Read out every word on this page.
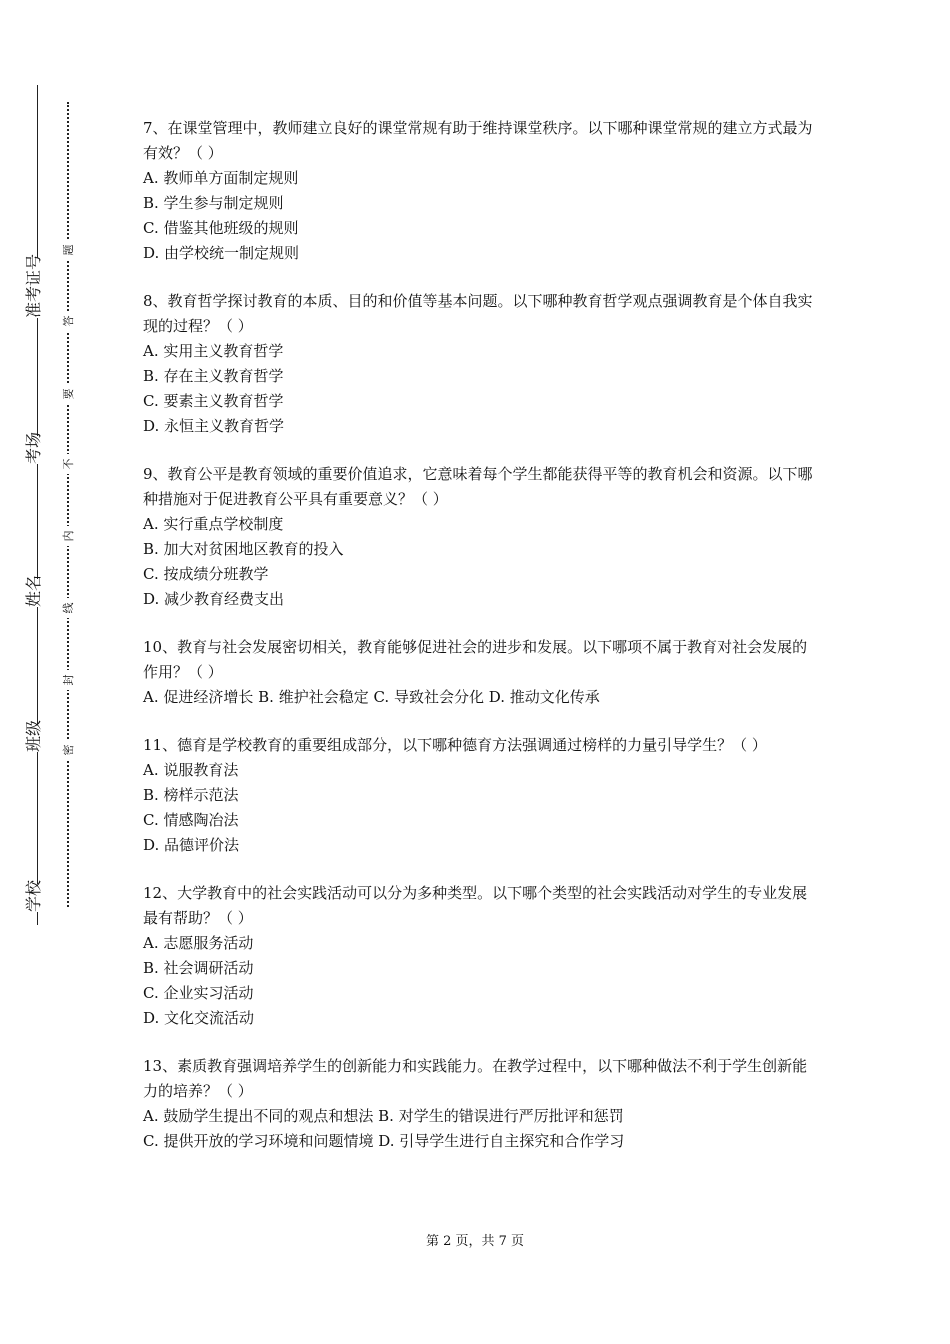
学校
班级
姓名
考场
准考证号
密
封
线
内
不
要
答
题
7、在课堂管理中，教师建立良好的课堂常规有助于维持课堂秩序。以下哪种课堂常规的建立方式最为有效？（ ）
A. 教师单方面制定规则
B. 学生参与制定规则
C. 借鉴其他班级的规则
D. 由学校统一制定规则
8、教育哲学探讨教育的本质、目的和价值等基本问题。以下哪种教育哲学观点强调教育是个体自我实现的过程？（ ）
A. 实用主义教育哲学
B. 存在主义教育哲学
C. 要素主义教育哲学
D. 永恒主义教育哲学
9、教育公平是教育领域的重要价值追求，它意味着每个学生都能获得平等的教育机会和资源。以下哪种措施对于促进教育公平具有重要意义？（ ）
A. 实行重点学校制度
B. 加大对贫困地区教育的投入
C. 按成绩分班教学
D. 减少教育经费支出
10、教育与社会发展密切相关，教育能够促进社会的进步和发展。以下哪项不属于教育对社会发展的作用？（ ）
A. 促进经济增长 B. 维护社会稳定 C. 导致社会分化 D. 推动文化传承
11、德育是学校教育的重要组成部分，以下哪种德育方法强调通过榜样的力量引导学生？（ ）
A. 说服教育法
B. 榜样示范法
C. 情感陶冶法
D. 品德评价法
12、大学教育中的社会实践活动可以分为多种类型。以下哪个类型的社会实践活动对学生的专业发展最有帮助？（ ）
A. 志愿服务活动
B. 社会调研活动
C. 企业实习活动
D. 文化交流活动
13、素质教育强调培养学生的创新能力和实践能力。在教学过程中，以下哪种做法不利于学生创新能力的培养？（ ）
A. 鼓励学生提出不同的观点和想法 B. 对学生的错误进行严厉批评和惩罚
C. 提供开放的学习环境和问题情境 D. 引导学生进行自主探究和合作学习
第 2 页，共 7 页
